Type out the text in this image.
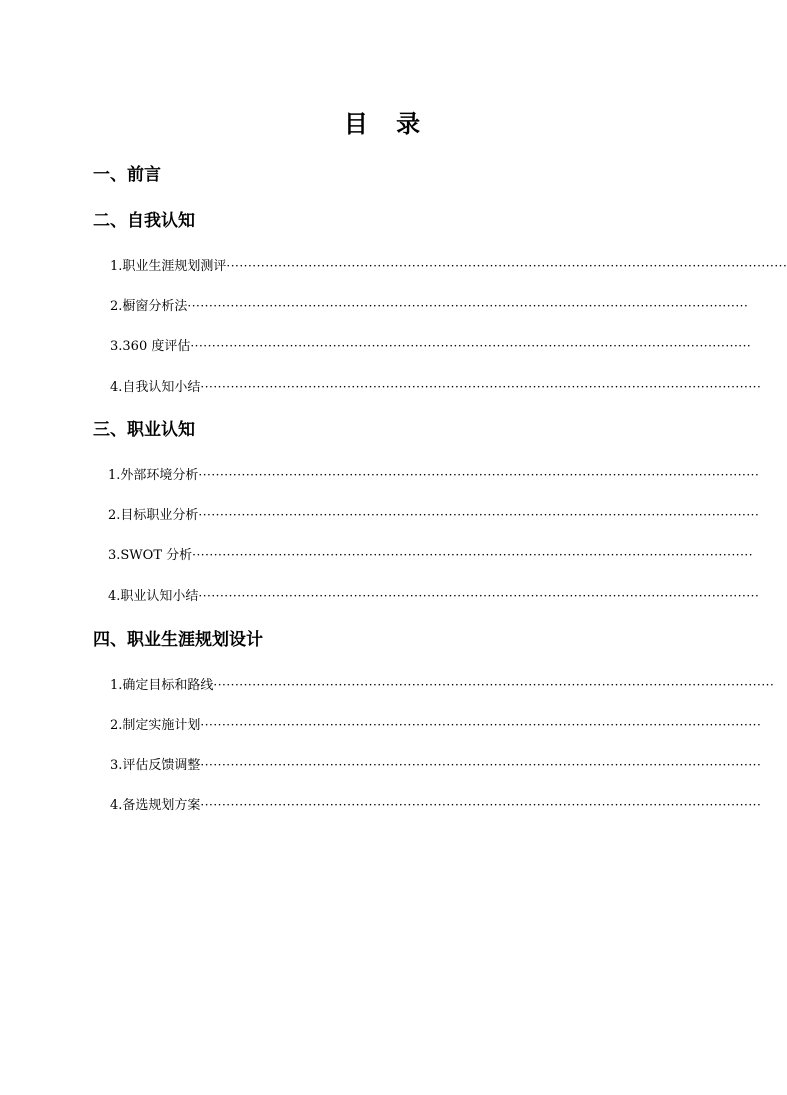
目 录
一、前言
二、自我认知
1.职业生涯规划测评 ··································································································································
2.橱窗分析法 ··································································································································
3.360 度评估 ··································································································································
4.自我认知小结 ··································································································································
三、职业认知
1.外部环境分析 ··································································································································
2.目标职业分析 ··································································································································
3.SWOT 分析 ··································································································································
4.职业认知小结 ··································································································································
四、职业生涯规划设计
1.确定目标和路线 ··································································································································
2.制定实施计划 ··································································································································
3.评估反馈调整 ··································································································································
4.备选规划方案 ··································································································································
